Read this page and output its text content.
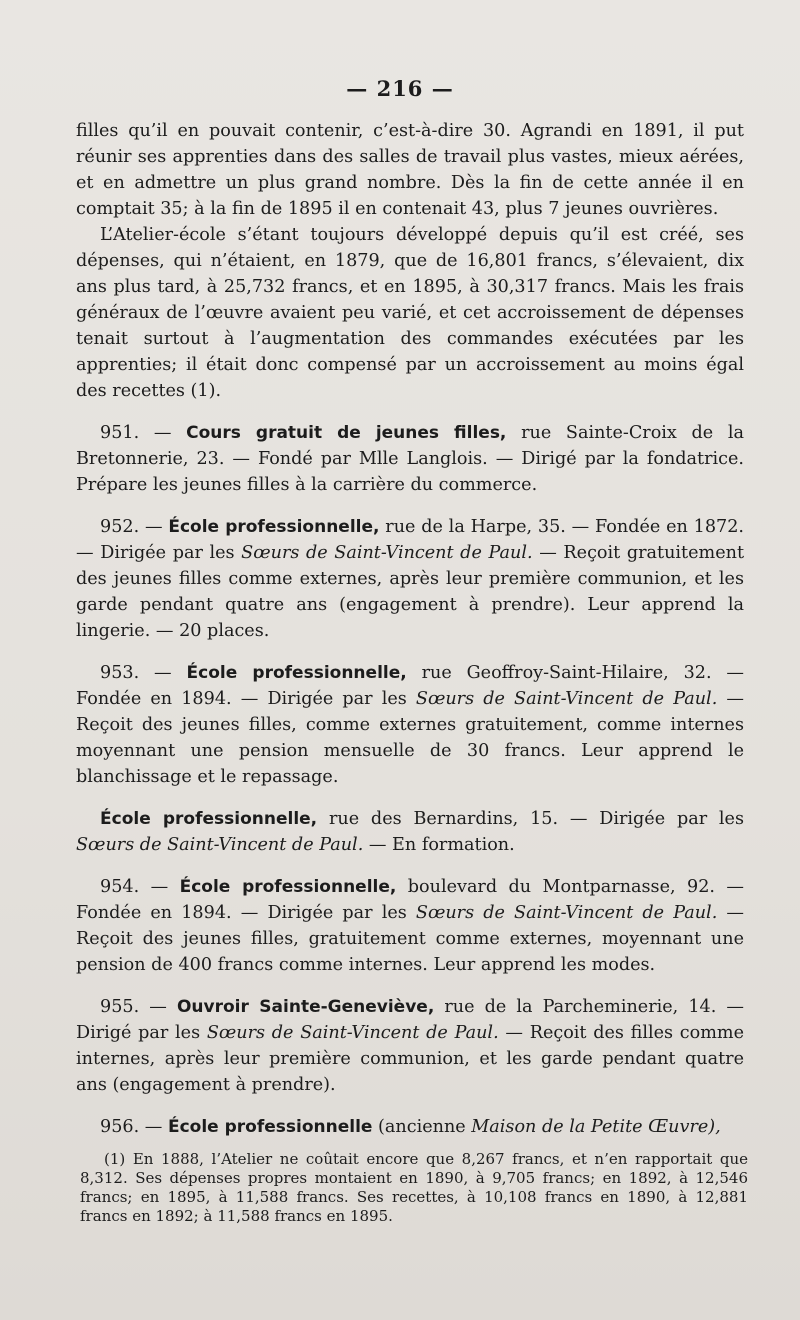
— 216 —

filles qu’il en pouvait contenir, c’est-à-dire 30. Agrandi en 1891, il put réunir ses apprenties dans des salles de travail plus vastes, mieux aérées, et en admettre un plus grand nombre. Dès la fin de cette année il en comptait 35; à la fin de 1895 il en contenait 43, plus 7 jeunes ouvrières.

L’Atelier-école s’étant toujours développé depuis qu’il est créé, ses dépenses, qui n’étaient, en 1879, que de 16,801 francs, s’élevaient, dix ans plus tard, à 25,732 francs, et en 1895, à 30,317 francs. Mais les frais généraux de l’œuvre avaient peu varié, et cet accroissement de dépenses tenait surtout à l’augmentation des commandes exécutées par les apprenties; il était donc compensé par un accroissement au moins égal des recettes (1).

951. — Cours gratuit de jeunes filles, rue Sainte-Croix de la Bretonnerie, 23. — Fondé par Mlle Langlois. — Dirigé par la fondatrice. Prépare les jeunes filles à la carrière du commerce.

952. — École professionnelle, rue de la Harpe, 35. — Fondée en 1872. — Dirigée par les Sœurs de Saint-Vincent de Paul. — Reçoit gratuitement des jeunes filles comme externes, après leur première communion, et les garde pendant quatre ans (engagement à prendre). Leur apprend la lingerie. — 20 places.

953. — École professionnelle, rue Geoffroy-Saint-Hilaire, 32. — Fondée en 1894. — Dirigée par les Sœurs de Saint-Vincent de Paul. — Reçoit des jeunes filles, comme externes gratuitement, comme internes moyennant une pension mensuelle de 30 francs. Leur apprend le blanchissage et le repassage.

École professionnelle, rue des Bernardins, 15. — Dirigée par les Sœurs de Saint-Vincent de Paul. — En formation.

954. — École professionnelle, boulevard du Montparnasse, 92. — Fondée en 1894. — Dirigée par les Sœurs de Saint-Vincent de Paul. — Reçoit des jeunes filles, gratuitement comme externes, moyennant une pension de 400 francs comme internes. Leur apprend les modes.

955. — Ouvroir Sainte-Geneviève, rue de la Parcheminerie, 14. — Dirigé par les Sœurs de Saint-Vincent de Paul. — Reçoit des filles comme internes, après leur première communion, et les garde pendant quatre ans (engagement à prendre).

956. — École professionnelle (ancienne Maison de la Petite Œuvre),

(1) En 1888, l’Atelier ne coûtait encore que 8,267 francs, et n’en rapportait que 8,312. Ses dépenses propres montaient en 1890, à 9,705 francs; en 1892, à 12,546 francs; en 1895, à 11,588 francs. Ses recettes, à 10,108 francs en 1890, à 12,881 francs en 1892; à 11,588 francs en 1895.
